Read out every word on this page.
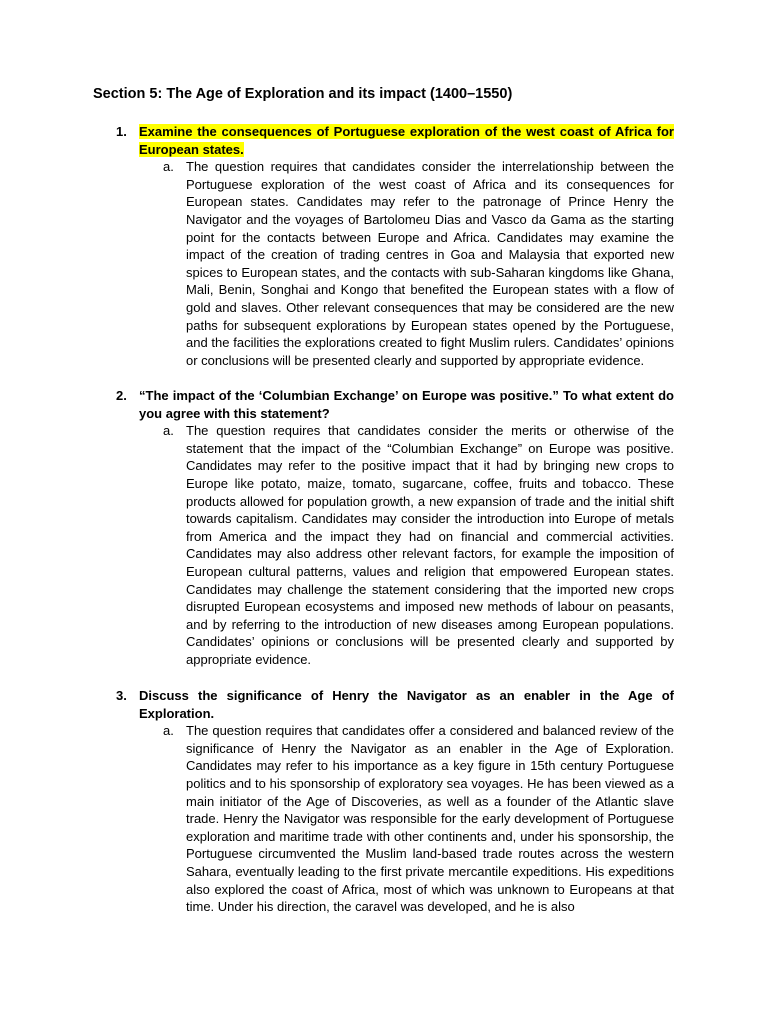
Section 5: The Age of Exploration and its impact (1400–1550)
1. Examine the consequences of Portuguese exploration of the west coast of Africa for European states.
a. The question requires that candidates consider the interrelationship between the Portuguese exploration of the west coast of Africa and its consequences for European states. Candidates may refer to the patronage of Prince Henry the Navigator and the voyages of Bartolomeu Dias and Vasco da Gama as the starting point for the contacts between Europe and Africa. Candidates may examine the impact of the creation of trading centres in Goa and Malaysia that exported new spices to European states, and the contacts with sub-Saharan kingdoms like Ghana, Mali, Benin, Songhai and Kongo that benefited the European states with a flow of gold and slaves. Other relevant consequences that may be considered are the new paths for subsequent explorations by European states opened by the Portuguese, and the facilities the explorations created to fight Muslim rulers. Candidates’ opinions or conclusions will be presented clearly and supported by appropriate evidence.
2. “The impact of the ‘Columbian Exchange’ on Europe was positive.” To what extent do you agree with this statement?
a. The question requires that candidates consider the merits or otherwise of the statement that the impact of the “Columbian Exchange” on Europe was positive. Candidates may refer to the positive impact that it had by bringing new crops to Europe like potato, maize, tomato, sugarcane, coffee, fruits and tobacco. These products allowed for population growth, a new expansion of trade and the initial shift towards capitalism. Candidates may consider the introduction into Europe of metals from America and the impact they had on financial and commercial activities. Candidates may also address other relevant factors, for example the imposition of European cultural patterns, values and religion that empowered European states. Candidates may challenge the statement considering that the imported new crops disrupted European ecosystems and imposed new methods of labour on peasants, and by referring to the introduction of new diseases among European populations. Candidates’ opinions or conclusions will be presented clearly and supported by appropriate evidence.
3. Discuss the significance of Henry the Navigator as an enabler in the Age of Exploration.
a. The question requires that candidates offer a considered and balanced review of the significance of Henry the Navigator as an enabler in the Age of Exploration. Candidates may refer to his importance as a key figure in 15th century Portuguese politics and to his sponsorship of exploratory sea voyages. He has been viewed as a main initiator of the Age of Discoveries, as well as a founder of the Atlantic slave trade. Henry the Navigator was responsible for the early development of Portuguese exploration and maritime trade with other continents and, under his sponsorship, the Portuguese circumvented the Muslim land-based trade routes across the western Sahara, eventually leading to the first private mercantile expeditions. His expeditions also explored the coast of Africa, most of which was unknown to Europeans at that time. Under his direction, the caravel was developed, and he is also
